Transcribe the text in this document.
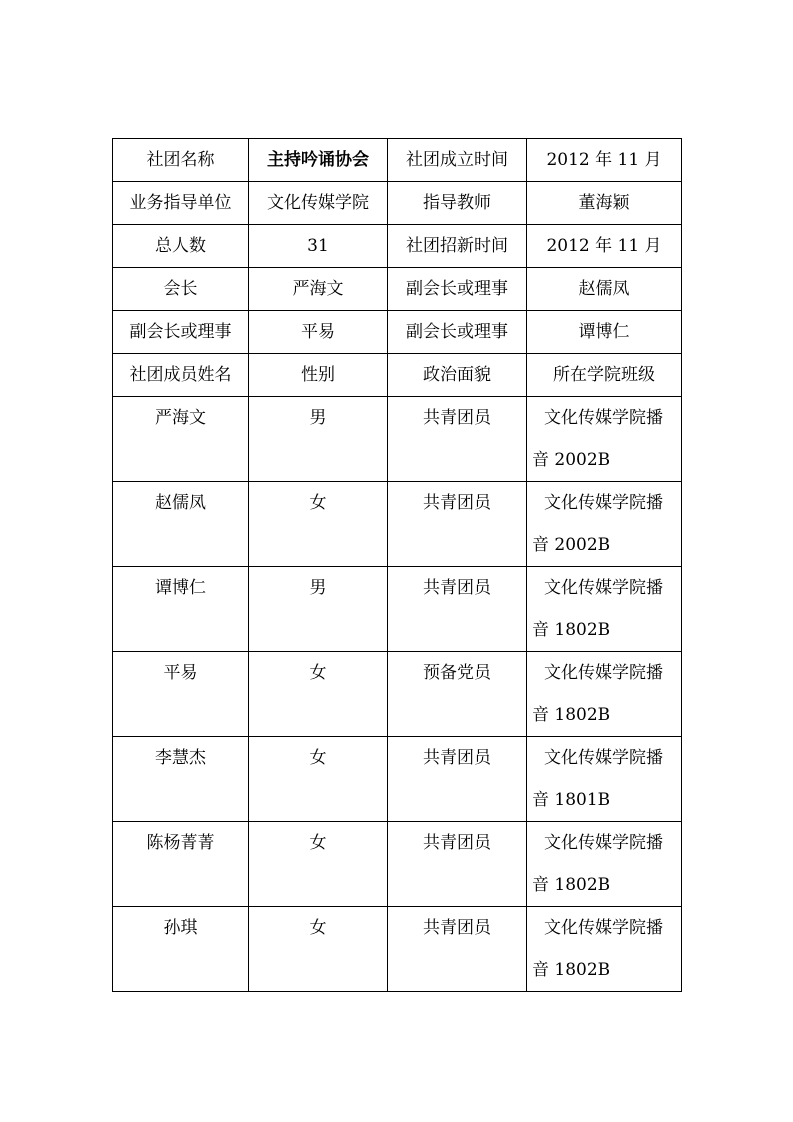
社团名称	主持吟诵协会	社团成立时间	2012 年 11 月
业务指导单位	文化传媒学院	指导教师	董海颖
总人数	31	社团招新时间	2012 年 11 月
会长	严海文	副会长或理事	赵儒凤
副会长或理事	平易	副会长或理事	谭博仁
社团成员姓名	性别	政治面貌	所在学院班级
严海文	男	共青团员	文化传媒学院播音 2002B

赵儒凤	女	共青团员	文化传媒学院播音 2002B

谭博仁	男	共青团员	文化传媒学院播音 1802B

平易	女	预备党员	文化传媒学院播音 1802B

李慧杰	女	共青团员	文化传媒学院播音 1801B

陈杨菁菁	女	共青团员	文化传媒学院播音 1802B

孙琪	女	共青团员	文化传媒学院播音 1802B
